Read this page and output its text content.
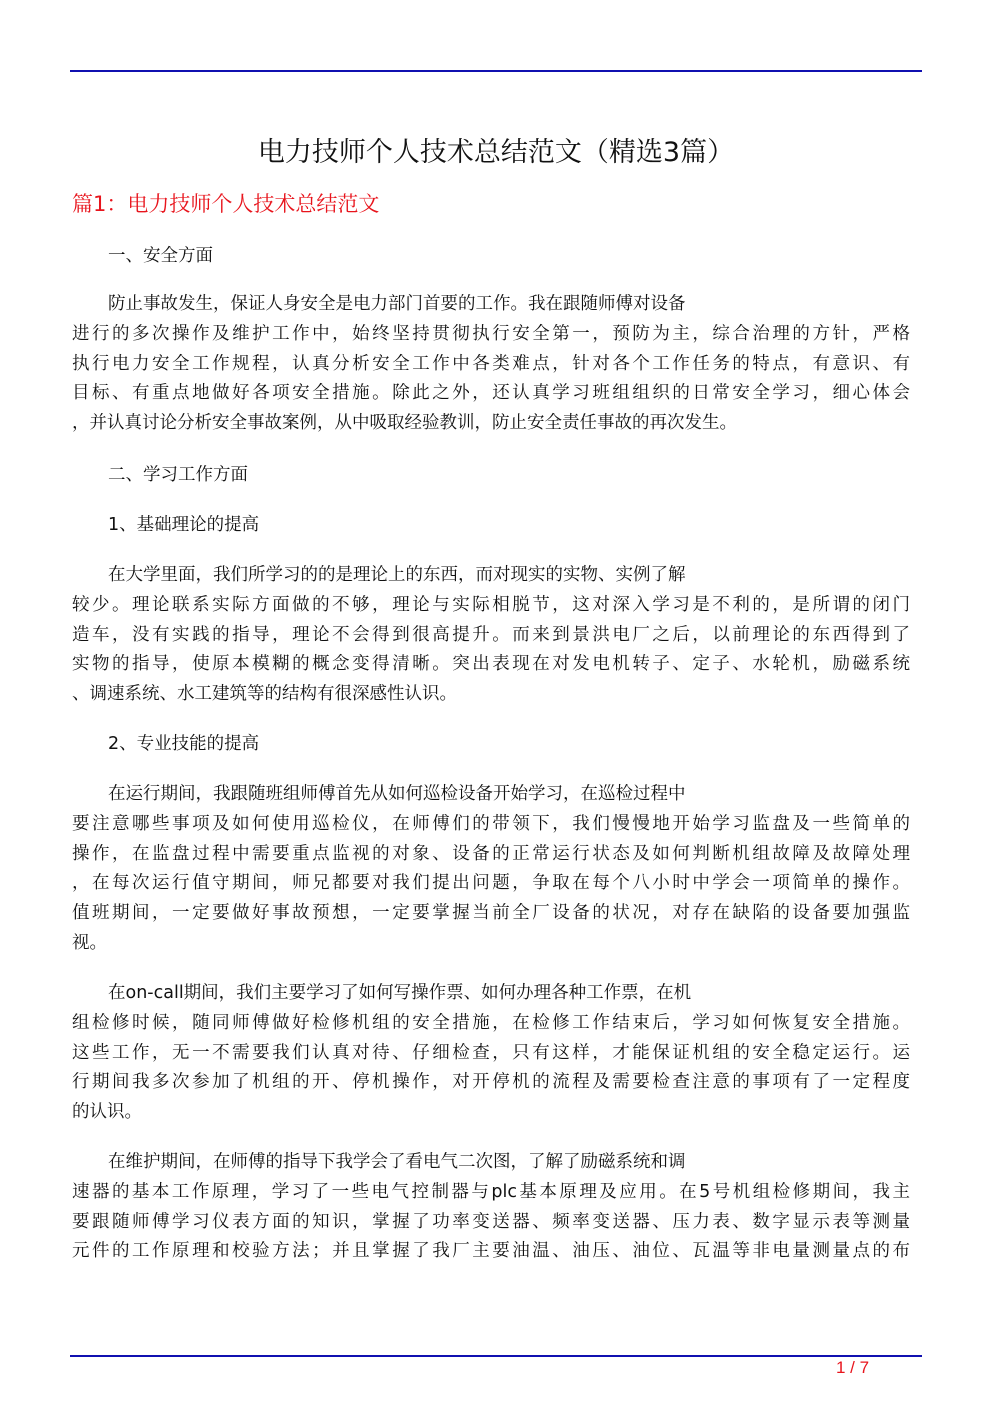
电力技师个人技术总结范文（精选3篇）
篇1：电力技师个人技术总结范文
一、安全方面
防止事故发生，保证人身安全是电力部门首要的工作。我在跟随师傅对设备
进行的多次操作及维护工作中，始终坚持贯彻执行安全第一，预防为主，综合治理的方针，严格
执行电力安全工作规程，认真分析安全工作中各类难点，针对各个工作任务的特点，有意识、有
目标、有重点地做好各项安全措施。除此之外，还认真学习班组组织的日常安全学习，细心体会
，并认真讨论分析安全事故案例，从中吸取经验教训，防止安全责任事故的再次发生。
二、学习工作方面
1、基础理论的提高
在大学里面，我们所学习的的是理论上的东西，而对现实的实物、实例了解
较少。理论联系实际方面做的不够，理论与实际相脱节，这对深入学习是不利的，是所谓的闭门
造车，没有实践的指导，理论不会得到很高提升。而来到景洪电厂之后，以前理论的东西得到了
实物的指导，使原本模糊的概念变得清晰。突出表现在对发电机转子、定子、水轮机，励磁系统
、调速系统、水工建筑等的结构有很深感性认识。
2、专业技能的提高
在运行期间，我跟随班组师傅首先从如何巡检设备开始学习，在巡检过程中
要注意哪些事项及如何使用巡检仪，在师傅们的带领下，我们慢慢地开始学习监盘及一些简单的
操作，在监盘过程中需要重点监视的对象、设备的正常运行状态及如何判断机组故障及故障处理
，在每次运行值守期间，师兄都要对我们提出问题，争取在每个八小时中学会一项简单的操作。
值班期间，一定要做好事故预想，一定要掌握当前全厂设备的状况，对存在缺陷的设备要加强监
视。
在on-call期间，我们主要学习了如何写操作票、如何办理各种工作票，在机
组检修时候，随同师傅做好检修机组的安全措施，在检修工作结束后，学习如何恢复安全措施。
这些工作，无一不需要我们认真对待、仔细检查，只有这样，才能保证机组的安全稳定运行。运
行期间我多次参加了机组的开、停机操作，对开停机的流程及需要检查注意的事项有了一定程度
的认识。
在维护期间，在师傅的指导下我学会了看电气二次图，了解了励磁系统和调
速器的基本工作原理，学习了一些电气控制器与plc基本原理及应用。在5号机组检修期间，我主
要跟随师傅学习仪表方面的知识，掌握了功率变送器、频率变送器、压力表、数字显示表等测量
元件的工作原理和校验方法；并且掌握了我厂主要油温、油压、油位、瓦温等非电量测量点的布
1 / 7
